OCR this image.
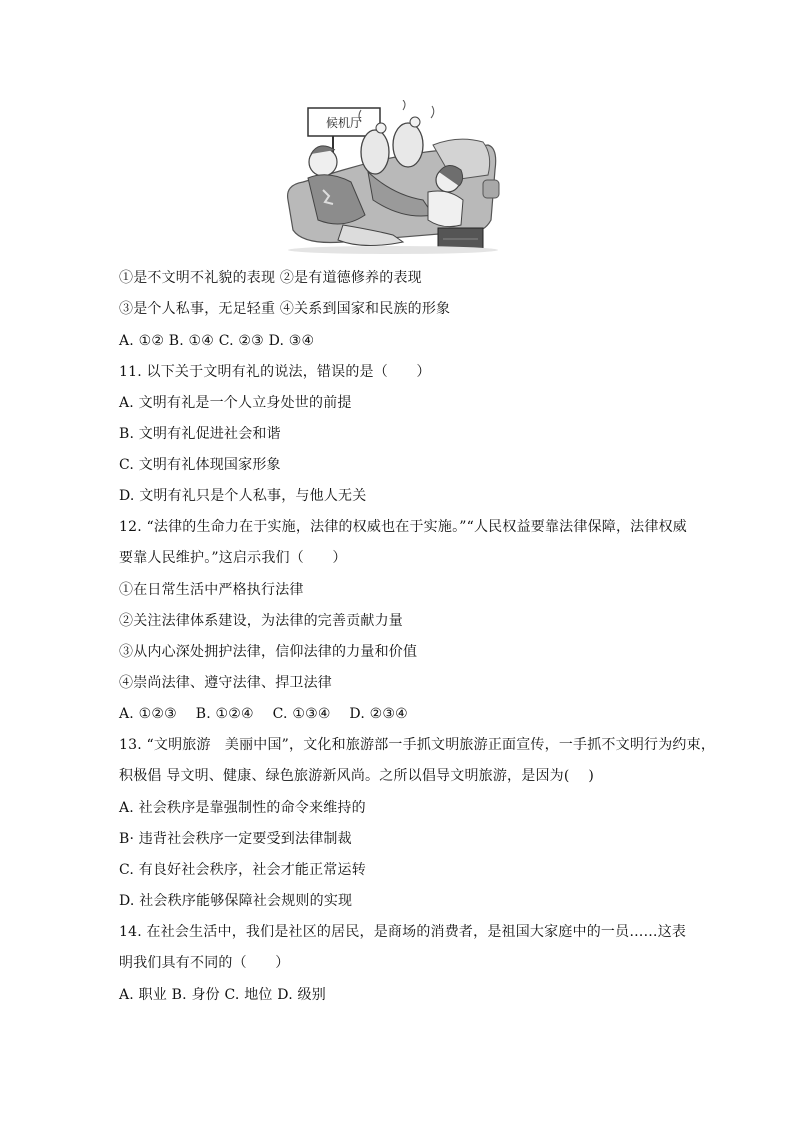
候机厅
①是不文明不礼貌的表现 ②是有道德修养的表现
③是个人私事，无足轻重 ④关系到国家和民族的形象
A. ①② B. ①④ C. ②③ D. ③④
11. 以下关于文明有礼的说法，错误的是（　　）
A. 文明有礼是一个人立身处世的前提
B. 文明有礼促进社会和谐
C. 文明有礼体现国家形象
D. 文明有礼只是个人私事，与他人无关
12. “法律的生命力在于实施，法律的权威也在于实施。”“人民权益要靠法律保障，法律权威
要靠人民维护。”这启示我们（　　）
①在日常生活中严格执行法律
②关注法律体系建设，为法律的完善贡献力量
③从内心深处拥护法律，信仰法律的力量和价值
④崇尚法律、遵守法律、捍卫法律
A. ①②③　 B. ①②④　 C. ①③④　 D. ②③④
13. “文明旅游　美丽中国”，文化和旅游部一手抓文明旅游正面宣传，一手抓不文明行为约束，
积极倡 导文明、健康、绿色旅游新风尚。之所以倡导文明旅游，是因为(　 )
A. 社会秩序是靠强制性的命令来维持的
B· 违背社会秩序一定要受到法律制裁
C. 有良好社会秩序，社会才能正常运转
D. 社会秩序能够保障社会规则的实现
14. 在社会生活中，我们是社区的居民，是商场的消费者，是祖国大家庭中的一员……这表
明我们具有不同的（　　）
A. 职业 B. 身份 C. 地位 D. 级别
